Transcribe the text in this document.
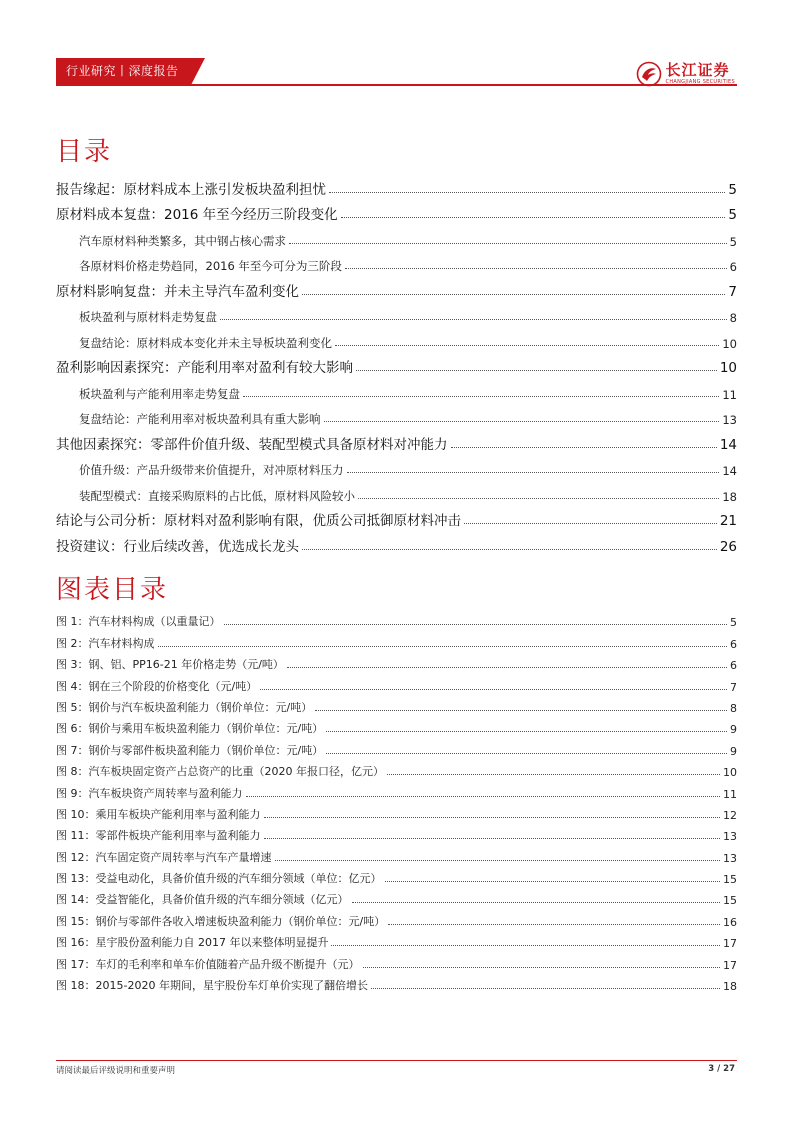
行业研究丨深度报告	长江证券
CHANGJIANG SECURITIES
目录
报告缘起：原材料成本上涨引发板块盈利担忧	5
原材料成本复盘：2016 年至今经历三阶段变化	5
汽车原材料种类繁多，其中钢占核心需求	5
各原材料价格走势趋同，2016 年至今可分为三阶段	6
原材料影响复盘：并未主导汽车盈利变化	7
板块盈利与原材料走势复盘	8
复盘结论：原材料成本变化并未主导板块盈利变化	10
盈利影响因素探究：产能利用率对盈利有较大影响	10
板块盈利与产能利用率走势复盘	11
复盘结论：产能利用率对板块盈利具有重大影响	13
其他因素探究：零部件价值升级、装配型模式具备原材料对冲能力	14
价值升级：产品升级带来价值提升，对冲原材料压力	14
装配型模式：直接采购原料的占比低，原材料风险较小	18
结论与公司分析：原材料对盈利影响有限，优质公司抵御原材料冲击	21
投资建议：行业后续改善，优选成长龙头	26
图表目录
图 1：汽车材料构成（以重量记）	5
图 2：汽车材料构成	6
图 3：钢、铝、PP16-21 年价格走势（元/吨）	6
图 4：钢在三个阶段的价格变化（元/吨）	7
图 5：钢价与汽车板块盈利能力（钢价单位：元/吨）	8
图 6：钢价与乘用车板块盈利能力（钢价单位：元/吨）	9
图 7：钢价与零部件板块盈利能力（钢价单位：元/吨）	9
图 8：汽车板块固定资产占总资产的比重（2020 年报口径，亿元）	10
图 9：汽车板块资产周转率与盈利能力	11
图 10：乘用车板块产能利用率与盈利能力	12
图 11：零部件板块产能利用率与盈利能力	13
图 12：汽车固定资产周转率与汽车产量增速	13
图 13：受益电动化，具备价值升级的汽车细分领域（单位：亿元）	15
图 14：受益智能化，具备价值升级的汽车细分领域（亿元）	15
图 15：钢价与零部件各收入增速板块盈利能力（钢价单位：元/吨）	16
图 16：星宇股份盈利能力自 2017 年以来整体明显提升	17
图 17：车灯的毛利率和单车价值随着产品升级不断提升（元）	17
图 18：2015-2020 年期间，星宇股份车灯单价实现了翻倍增长	18
请阅读最后评级说明和重要声明	3 / 27
